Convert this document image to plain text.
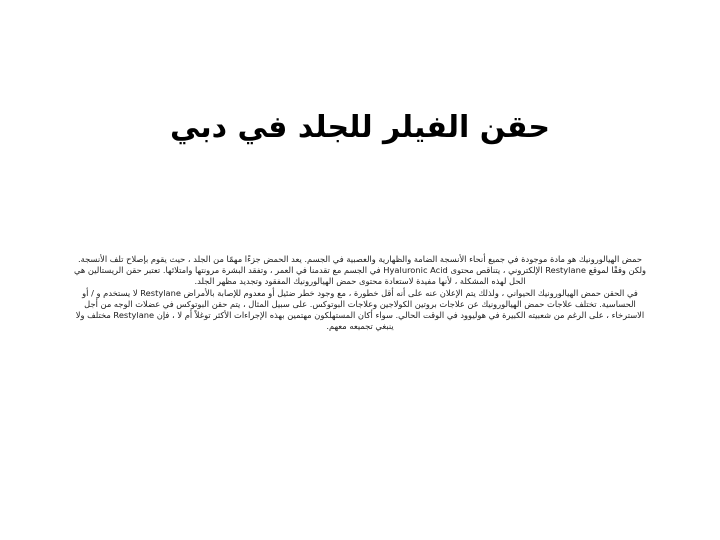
حقن الفيلر للجلد في دبي

حمض الهيالورونيك هو مادة موجودة في جميع أنحاء الأنسجة الضامة والظهارية والعصبية في الجسم. يعد الحمض جزءًا مهمًا من الجلد ، حيث يقوم بإصلاح تلف الأنسجة. ولكن وفقًا لموقع Restylane الإلكتروني ، يتناقص محتوى Hyaluronic Acid في الجسم مع تقدمنا في العمر ، وتفقد البشرة مرونتها وامتلائها. تعتبر حقن الريستالين هي الحل لهذه المشكلة ، لأنها مفيدة لاستعادة محتوى حمض الهيالورونيك المفقود وتجديد مظهر الجلد.

في الحقن حمض الهيالورونيك الحيواني ، ولذلك يتم الإعلان عنه على أنه أقل خطورة ، مع وجود خطر ضئيل أو معدوم للإصابة بالأمراض Restylane لا يستخدم و / أو الحساسية. تختلف علاجات حمض الهيالورونيك عن علاجات بروتين الكولاجين وعلاجات البوتوكس. على سبيل المثال ، يتم حقن البوتوكس في عضلات الوجه من أجل الاسترخاء ، على الرغم من شعبيته الكبيرة في هوليوود في الوقت الحالي. سواء أكان المستهلكون مهتمين بهذه الإجراءات الأكثر توغلاً أم لا ، فإن Restylane مختلف ولا ينبغي تجميعه معهم.
